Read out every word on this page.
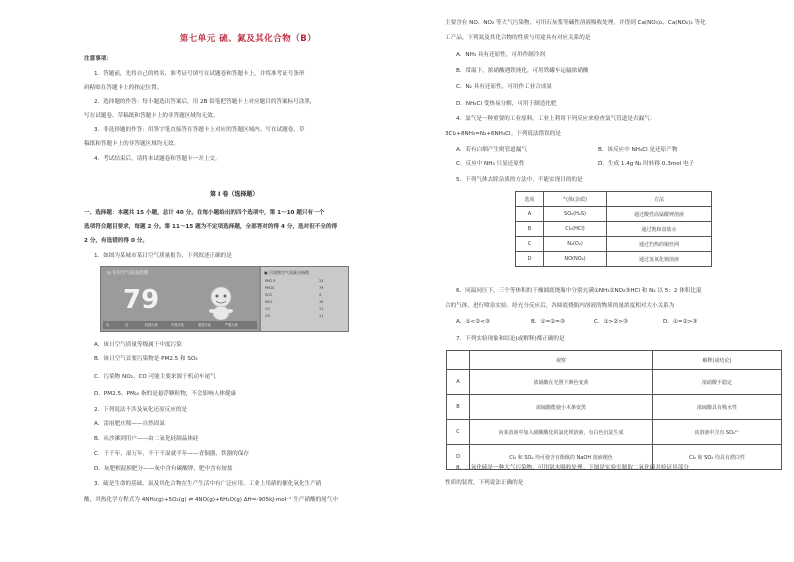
第七单元 硫、氮及其化合物（B）
注意事项：
1．答题前，先将自己的姓名、准考证号填写在试题卷和答题卡上，并将准考证号条形
码粘贴在答题卡上的指定位置。
2．选择题的作答：每小题选出答案后，用 2B 铅笔把答题卡上对应题目的答案标号涂黑，
写在试题卷、草稿纸和答题卡上的非答题区域均无效。
3．非选择题的作答：用签字笔直接答在答题卡上对应的答题区域内。写在试题卷、草
稿纸和答题卡上的非答题区域均无效。
4．考试结束后，请将本试题卷和答题卡一并上交。
第 Ⅰ 卷（选择题）
一、选择题：本题共 15 小题，总计 40 分。在每小题给出的四个选项中，第 1～10 题只有一个
选项符合题目要求，每题 2 分。第 11～15 题为不定项选择题，全部答对的得 4 分，选对但不全的得
2 分，有选错的得 0 分。
1．如图为某城市某日空气质量报告，下列叙述正确的是
◎ 实时空气质量指数
79
优	良	轻度污染	中度污染	重度污染	严重污染
▣ 污染物空气质量分指数
PM2.5	23
PM10	79
SO2	4
NO2	19
CO	11
O3	11
A．该日空气质量等级属于中度污染
B．该日空气首要污染物是 PM2.5 和 SO₂
C．污染物 NO₂、CO 可能主要来源于机动车尾气
D．PM2.5、PM₁₀ 指的是悬浮颗粒物，不会影响人体健康
2．下列说法不涉及氧化还原反应的是
A．雷雨肥庄稼——自然固氮
B．从沙滩到用户——由二氧化硅制晶体硅
C．千千年，湿万年，不干不湿就半年——青铜器、铁器的保存
D．灰肥相混损肥分——灰中含有碳酸钾，肥中含有铵盐
3．硫是生命的基础，氮及其化合物在生产生活中有广泛应用。工业上用硝的催化氧化生产硝
酸，其热化学方程式为 4NH₃(g)+5O₂(g) ⇌ 4NO(g)+6H₂O(g) ΔH=-905kJ·mol⁻¹ 生产硝酸的尾气中
主要含有 NO、NO₂ 等大气污染物，可用石灰浆等碱性溶液吸收处理，并得到 Ca(NO₃)₂、Ca(NO₂)₂ 等化
工产品。下列氮及其化合物的性质与用途具有对应关系的是
A．NH₃ 具有还原性，可用作制冷剂
B．常温下，浓硝酸遇铁钝化，可用铁罐车运输浓硝酸
C．N₂ 具有还原性，可用作工业合成氨
D．NH₄Cl 受热易分解，可用于制造化肥
4．氯气是一种重要的工业原料。工业上利用下列反应来检查氯气管道是否漏气：
3Cl₂+8NH₃=N₂+6NH₄Cl。下列说法错误的是
A．若有白烟产生则管道漏气	B．该反应中 NH₄Cl 是还原产物
C．反应中 NH₃ 只显还原性	D．生成 1.4g N₂ 时转移 0.3mol 电子
5．下列气体去除杂质的方法中，不能实现目的的是
选项	气体(杂质)	方法
A	SO₂(H₂S)	通过酸性高锰酸钾溶液
B	Cl₂(HCl)	通过饱和食盐水
C	N₂(O₂)	通过灼热的铜丝网
D	NO(NO₂)	通过氢氧化钠溶液
6．同温同压下，三个等体积的干燥圆底烧瓶中分别充满①NH₃②NO₂③HCl 和 N₂ 以 5：2 体积比混
合的气体，进行喷泉实验。经充分反应后，各圆底烧瓶内溶液的物质的量浓度相对大小关系为
A．①<②<③	B．①=②=③	C．①>②>③	D．①=②>③
7．下列实验现象和结论(或解释)都正确的是
	观察	解释(或结论)
A	浓硝酸在光照下颜色变黄	浓硝酸不稳定
B	浓硫酸能使小木条变黑	浓硫酸具有吸水性
C	向某溶液中加入硝酸酸化的氯化钡溶液，有白色沉淀生成	该溶液中含有 SO₄²⁻
D	Cl₂ 和 SO₂ 均可使含有酚酞的 NaOH 溶液褪色	Cl₂ 和 SO₂ 均具有漂白性
8．二氧化硫是一种大气污染物，可用氨水吸收处理。下图是实验室制取二氧化硫并验证其部分
性质的装置，下列说法正确的是
